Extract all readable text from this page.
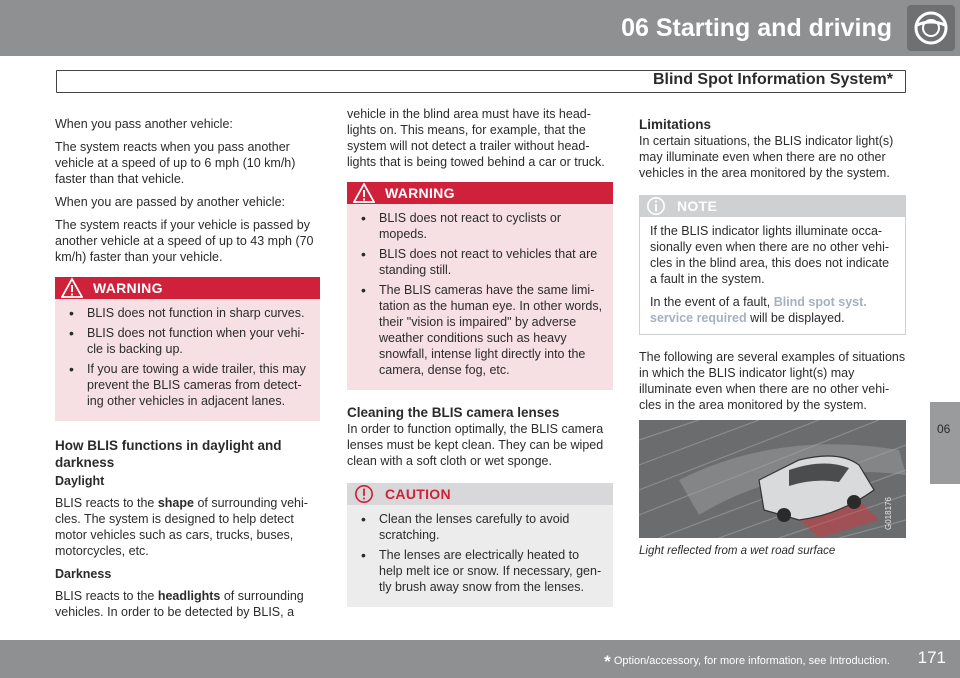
06 Starting and driving
Blind Spot Information System*
06

When you pass another vehicle:

The system reacts when you pass another vehicle at a speed of up to 6 mph (10 km/h) faster than that vehicle.

When you are passed by another vehicle:

The system reacts if your vehicle is passed by another vehicle at a speed of up to 43 mph (70 km/h) faster than your vehicle.

WARNING
• BLIS does not function in sharp curves.
• BLIS does not function when your vehicle is backing up.
• If you are towing a wide trailer, this may prevent the BLIS cameras from detecting other vehicles in adjacent lanes.
How BLIS functions in daylight and darkness
Daylight

BLIS reacts to the shape of surrounding vehicles. The system is designed to help detect motor vehicles such as cars, trucks, buses, motorcycles, etc.

Darkness

BLIS reacts to the headlights of surrounding vehicles. In order to be detected by BLIS, a

vehicle in the blind area must have its headlights on. This means, for example, that the system will not detect a trailer without headlights that is being towed behind a car or truck.

WARNING
• BLIS does not react to cyclists or mopeds.
• BLIS does not react to vehicles that are standing still.
• The BLIS cameras have the same limitation as the human eye. In other words, their "vision is impaired" by adverse weather conditions such as heavy snowfall, intense light directly into the camera, dense fog, etc.
Cleaning the BLIS camera lenses

In order to function optimally, the BLIS camera lenses must be kept clean. They can be wiped clean with a soft cloth or wet sponge.

CAUTION
• Clean the lenses carefully to avoid scratching.
• The lenses are electrically heated to help melt ice or snow. If necessary, gently brush away snow from the lenses.
Limitations

In certain situations, the BLIS indicator light(s) may illuminate even when there are no other vehicles in the area monitored by the system.

NOTE

If the BLIS indicator lights illuminate occasionally even when there are no other vehicles in the blind area, this does not indicate a fault in the system.

In the event of a fault, Blind spot syst. service required will be displayed.

The following are several examples of situations in which the BLIS indicator light(s) may illuminate even when there are no other vehicles in the area monitored by the system.

G018176
Light reflected from a wet road surface
* Option/accessory, for more information, see Introduction. 171
